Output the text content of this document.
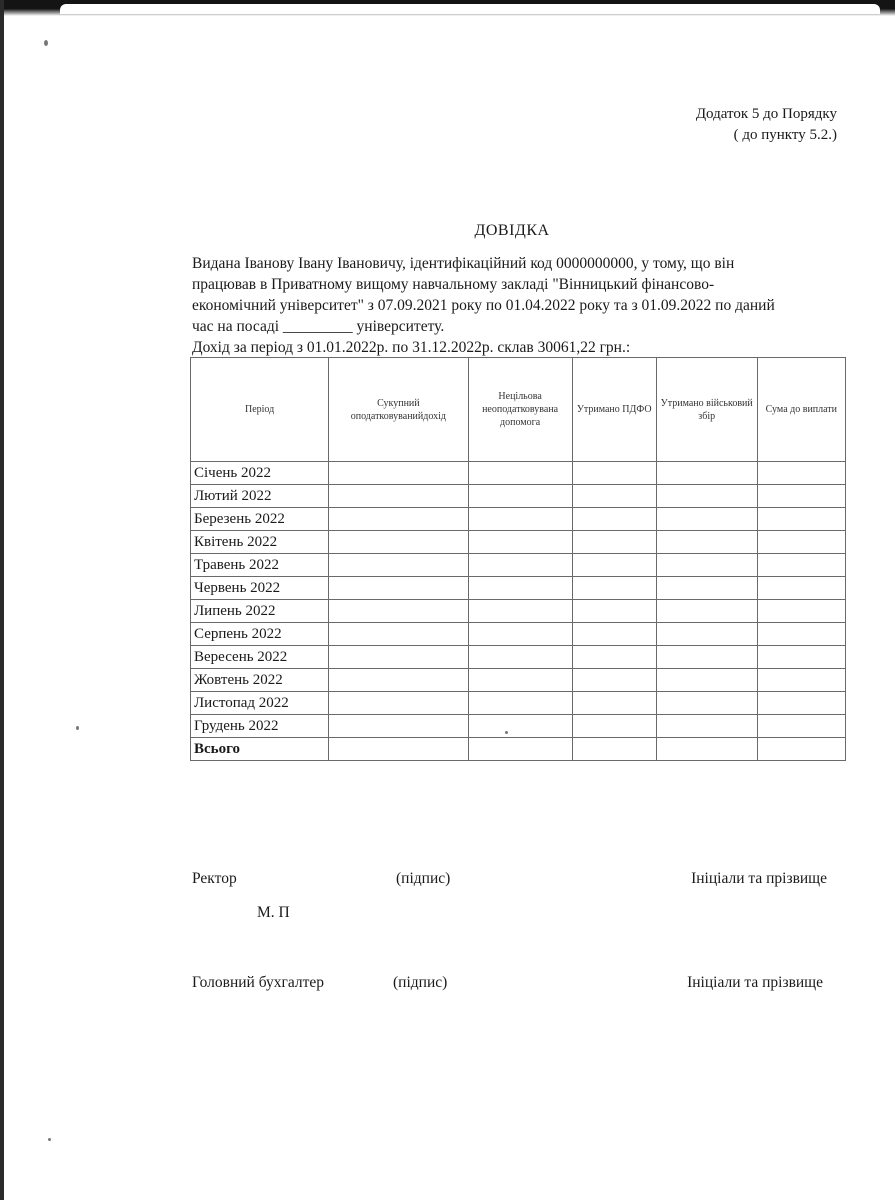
Додаток 5 до Порядку
( до пункту 5.2.)
ДОВІДКА

Видана Іванову Івану Івановичу, ідентифікаційний код 0000000000, у тому, що він

працював в Приватному вищому навчальному закладі "Вінницький фінансово-

економічний університет" з 07.09.2021 року по 01.04.2022 року та з 01.09.2022 по даний

час на посаді _________ університету.

Дохід за період з 01.01.2022р. по 31.12.2022р. склав 30061,22 грн.:

Період	Сукупний оподатковуванийдохід	Нецільова неоподатковувана допомога	Утримано ПДФО	Утримано військовий збір	Сума до виплати
Січень 2022					
Лютий 2022					
Березень 2022					
Квітень 2022					
Травень 2022					
Червень 2022					
Липень 2022					
Серпень 2022					
Вересень 2022					
Жовтень 2022					
Листопад 2022					
Грудень 2022					
Всього					
Ректор	(підпис)	Ініціали та прізвище
М. П
Головний бухгалтер	(підпис)	Ініціали та прізвище
